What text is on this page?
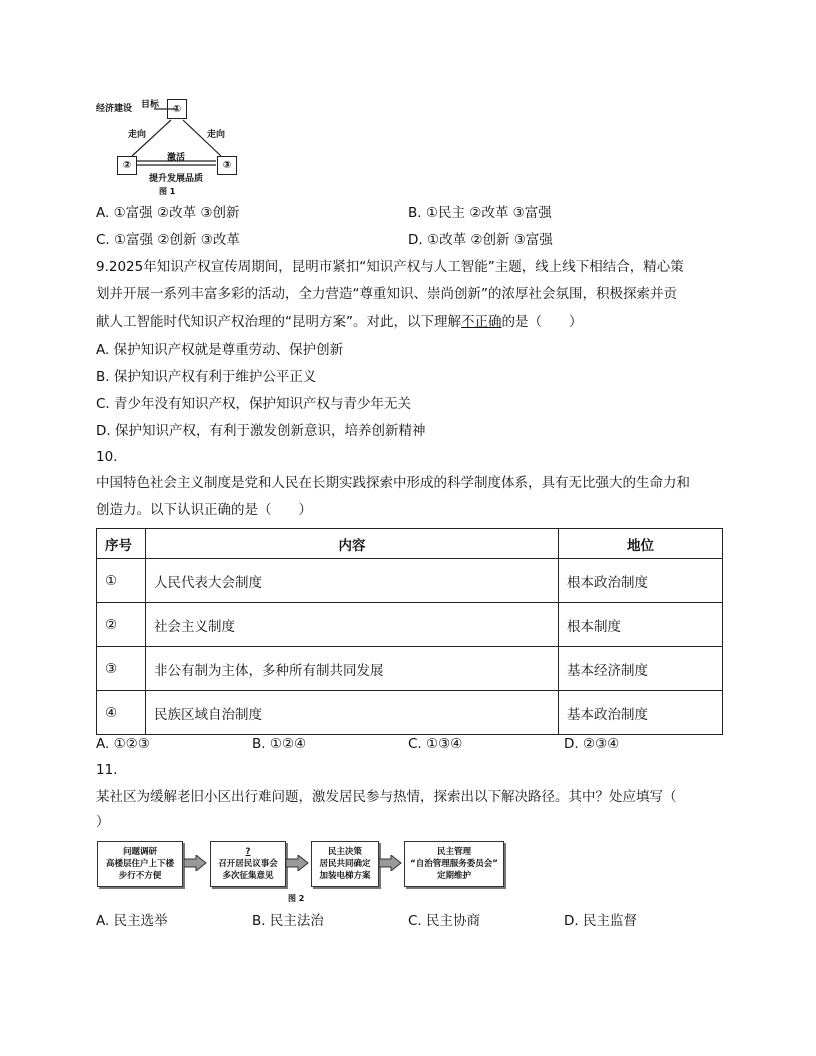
经济建设 目标	①
走向	走向
激活
②	③
提升发展品质
图 1
A. ①富强 ②改革 ③创新	B. ①民主 ②改革 ③富强
C. ①富强 ②创新 ③改革	D. ①改革 ②创新 ③富强
9.2025年知识产权宣传周期间，昆明市紧扣“知识产权与人工智能”主题，线上线下相结合，精心策
划并开展一系列丰富多彩的活动，全力营造“尊重知识、崇尚创新”的浓厚社会氛围，积极探索并贡
献人工智能时代知识产权治理的“昆明方案”。对此，以下理解不正确的是（　　）
A. 保护知识产权就是尊重劳动、保护创新
B. 保护知识产权有利于维护公平正义
C. 青少年没有知识产权，保护知识产权与青少年无关
D. 保护知识产权，有利于激发创新意识，培养创新精神
10.
中国特色社会主义制度是党和人民在长期实践探索中形成的科学制度体系，具有无比强大的生命力和
创造力。以下认识正确的是（　　）
序号	内容	地位
①	人民代表大会制度	根本政治制度
②	社会主义制度	根本制度
③	非公有制为主体，多种所有制共同发展	基本经济制度
④	民族区域自治制度	基本政治制度
A. ①②③	B. ①②④	C. ①③④	D. ②③④
11.
某社区为缓解老旧小区出行难问题，激发居民参与热情，探索出以下解决路径。其中？处应填写（
）
问题调研
高楼层住户上下楼
步行不方便
?
召开居民议事会
多次征集意见
民主决策
居民共同确定
加装电梯方案
民主管理
“自治管理服务委员会”
定期维护
图 2
A. 民主选举	B. 民主法治	C. 民主协商	D. 民主监督
